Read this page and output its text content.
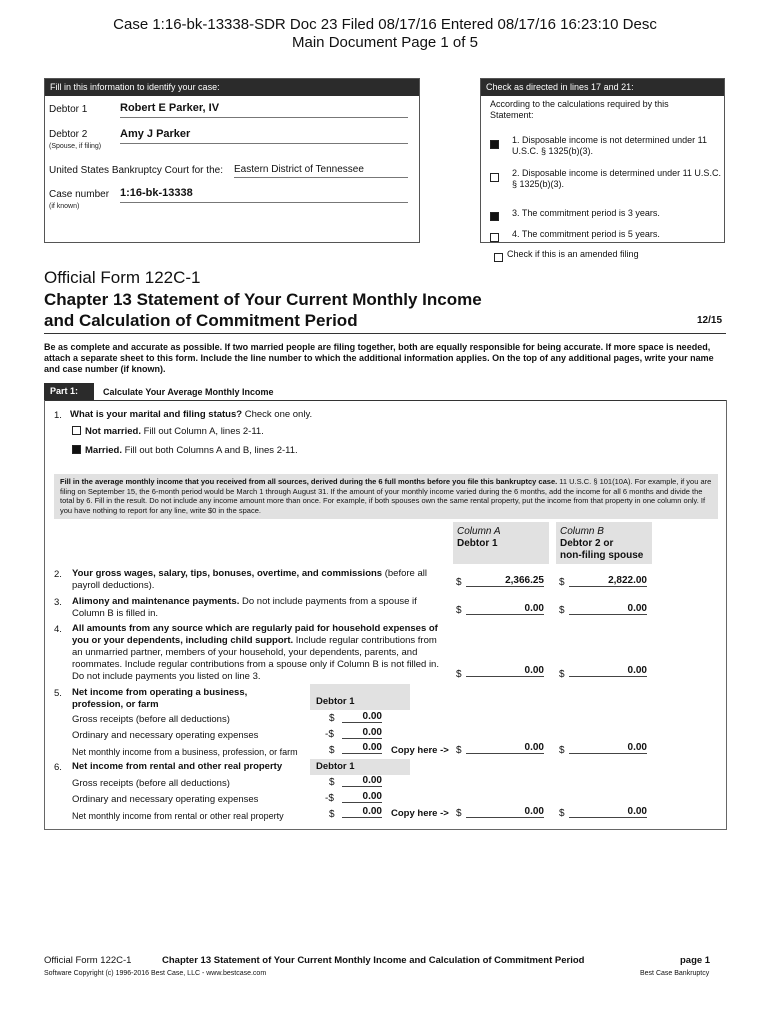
Case 1:16-bk-13338-SDR Doc 23 Filed 08/17/16 Entered 08/17/16 16:23:10 Desc
Main Document Page 1 of 5
Fill in this information to identify your case:
Debtor 1	Robert E Parker, IV
Debtor 2
(Spouse, if filing)
Amy J Parker
United States Bankruptcy Court for the: Eastern District of Tennessee
Case number
(if known)
1:16-bk-13338
Check as directed in lines 17 and 21:
According to the calculations required by this Statement:
1. Disposable income is not determined under 11 U.S.C. § 1325(b)(3).
2. Disposable income is determined under 11 U.S.C. § 1325(b)(3).
3. The commitment period is 3 years.
4. The commitment period is 5 years.
Check if this is an amended filing
Official Form 122C-1
Chapter 13 Statement of Your Current Monthly Income
and Calculation of Commitment Period	12/15
Be as complete and accurate as possible. If two married people are filing together, both are equally responsible for being accurate. If more space is needed, attach a separate sheet to this form. Include the line number to which the additional information applies. On the top of any additional pages, write your name and case number (if known).
Part 1:	Calculate Your Average Monthly Income
1. What is your marital and filing status? Check one only.
Not married. Fill out Column A, lines 2-11.
Married. Fill out both Columns A and B, lines 2-11.
Fill in the average monthly income that you received from all sources, derived during the 6 full months before you file this bankruptcy case. 11 U.S.C. § 101(10A). For example, if you are filing on September 15, the 6-month period would be March 1 through August 31. If the amount of your monthly income varied during the 6 months, add the income for all 6 months and divide the total by 6. Fill in the result. Do not include any income amount more than once. For example, if both spouses own the same rental property, put the income from that property in one column only. If you have nothing to report for any line, write $0 in the space.
Column A
Debtor 1
Column B
Debtor 2 or
non-filing spouse
2. Your gross wages, salary, tips, bonuses, overtime, and commissions (before all payroll deductions).	$	2,366.25 $	2,822.00
3. Alimony and maintenance payments. Do not include payments from a spouse if Column B is filled in.	$	0.00 $	0.00
4. All amounts from any source which are regularly paid for household expenses of you or your dependents, including child support. Include regular contributions from an unmarried partner, members of your household, your dependents, parents, and roommates. Include regular contributions from a spouse only if Column B is not filled in. Do not include payments you listed on line 3.	$	0.00 $	0.00
5. Net income from operating a business, profession, or farm	Debtor 1
Gross receipts (before all deductions)	$	0.00
Ordinary and necessary operating expenses	-$	0.00
Net monthly income from a business, profession, or farm	$	0.00 Copy here -> $	0.00 $	0.00
6. Net income from rental and other real property	Debtor 1
Gross receipts (before all deductions)	$	0.00
Ordinary and necessary operating expenses	-$	0.00
Net monthly income from rental or other real property	$	0.00 Copy here -> $	0.00 $	0.00
Official Form 122C-1	Chapter 13 Statement of Your Current Monthly Income and Calculation of Commitment Period	page 1
Software Copyright (c) 1996-2016 Best Case, LLC - www.bestcase.com	Best Case Bankruptcy
